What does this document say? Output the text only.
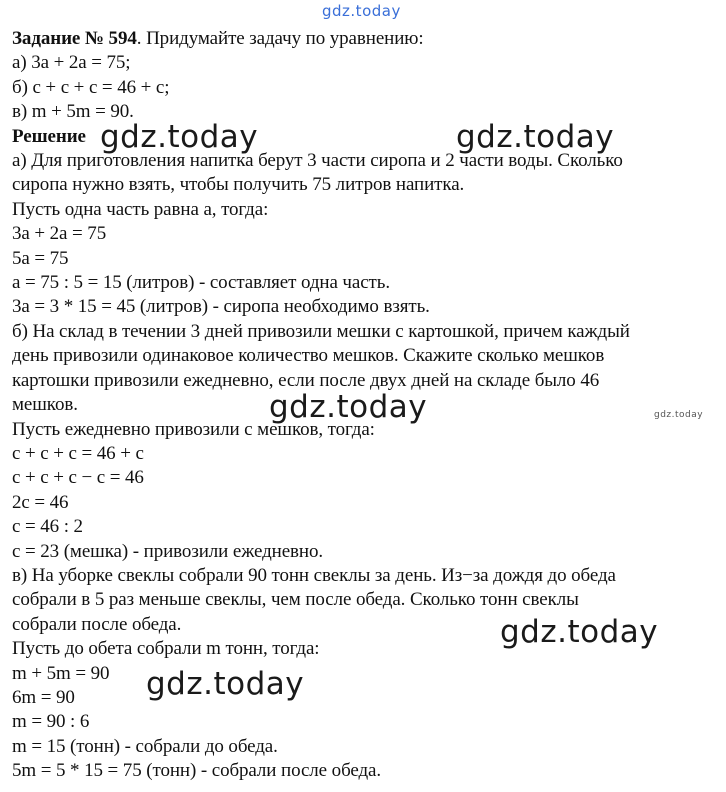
gdz.today
Задание № 594. Придумайте задачу по уравнению:
а) 3а + 2а = 75;
б) с + с + с = 46 + с;
в) m + 5m = 90.
Решение
а) Для приготовления напитка берут 3 части сиропа и 2 части воды. Сколько
сиропа нужно взять, чтобы получить 75 литров напитка.
Пусть одна часть равна а, тогда:
3а + 2а = 75
5а = 75
а = 75 : 5 = 15 (литров) - составляет одна часть.
3а = 3 * 15 = 45 (литров) - сиропа необходимо взять.
б) На склад в течении 3 дней привозили мешки с картошкой, причем каждый
день привозили одинаковое количество мешков. Скажите сколько мешков
картошки привозили ежедневно, если после двух дней на складе было 46
мешков.
Пусть ежедневно привозили с мешков, тогда:
с + с + с = 46 + с
с + с + с − с = 46
2с = 46
с = 46 : 2
с = 23 (мешка) - привозили ежедневно.
в) На уборке свеклы собрали 90 тонн свеклы за день. Из−за дождя до обеда
собрали в 5 раз меньше свеклы, чем после обеда. Сколько тонн свеклы
собрали после обеда.
Пусть до обета собрали m тонн, тогда:
m + 5m = 90
6m = 90
m = 90 : 6
m = 15 (тонн) - собрали до обеда.
5m = 5 * 15 = 75 (тонн) - собрали после обеда.
gdz.today	gdz.today
gdz.today
gdz.today
gdz.today
gdz.today
